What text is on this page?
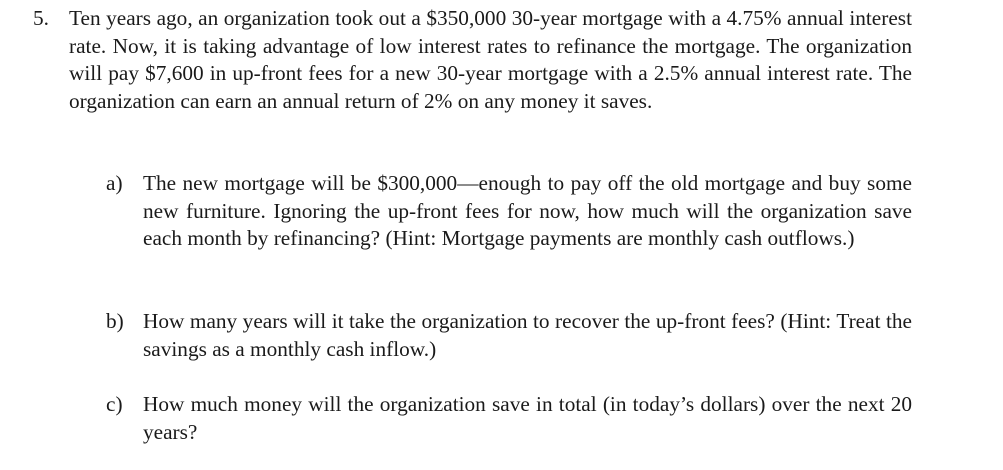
5. Ten years ago, an organization took out a $350,000 30-year mortgage with a 4.75% annual interest rate. Now, it is taking advantage of low interest rates to refinance the mortgage. The organization will pay $7,600 in up-front fees for a new 30-year mortgage with a 2.5% annual interest rate. The organization can earn an annual return of 2% on any money it saves.
a) The new mortgage will be $300,000—enough to pay off the old mortgage and buy some new furniture. Ignoring the up-front fees for now, how much will the organization save each month by refinancing? (Hint: Mortgage payments are monthly cash outflows.)
b) How many years will it take the organization to recover the up-front fees? (Hint: Treat the savings as a monthly cash inflow.)
c) How much money will the organization save in total (in today’s dollars) over the next 20 years?
